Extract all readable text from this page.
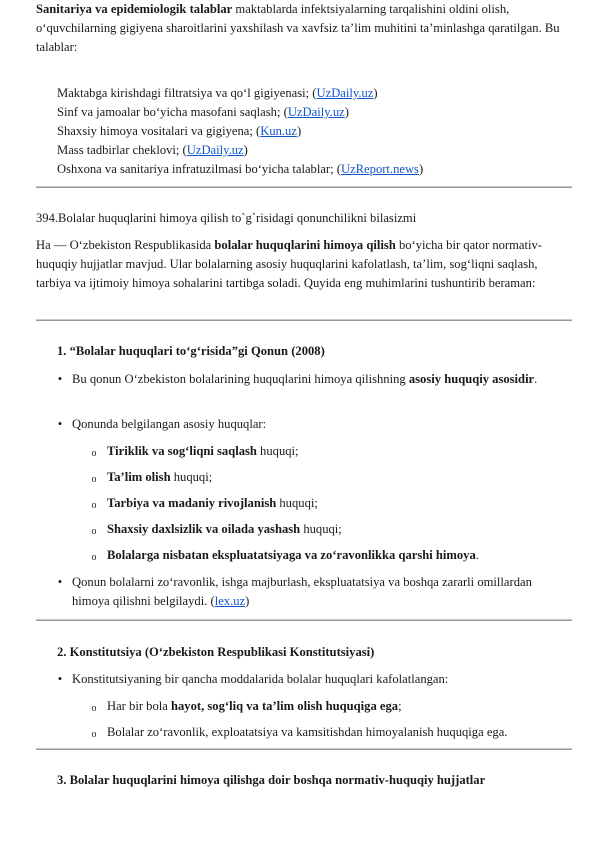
Sanitariya va epidemiologik talablar maktablarda infektsiyalarning tarqalishini oldini olish, o‘quvchilarning gigiyena sharoitlarini yaxshilash va xavfsiz ta’lim muhitini ta’minlashga qaratilgan. Bu talablar:

Maktabga kirishdagi filtratsiya va qo‘l gigiyenasi; (UzDaily.uz)
Sinf va jamoalar bo‘yicha masofani saqlash; (UzDaily.uz)
Shaxsiy himoya vositalari va gigiyena; (Kun.uz)
Mass tadbirlar cheklovi; (UzDaily.uz)
Oshxona va sanitariya infratuzilmasi bo‘yicha talablar; (UzReport.news)

394.Bolalar huquqlarini himoya qilish to`g`risidagi qonunchilikni bilasizmi

Ha — O‘zbekiston Respublikasida bolalar huquqlarini himoya qilish bo‘yicha bir qator normativ-huquqiy hujjatlar mavjud. Ular bolalarning asosiy huquqlarini kafolatlash, ta’lim, sog‘liqni saqlash, tarbiya va ijtimoiy himoya sohalarini tartibga soladi. Quyida eng muhimlarini tushuntirib beraman:

1. “Bolalar huquqlari to‘g‘risida”gi Qonun (2008)
•

Bu qonun O‘zbekiston bolalarining huquqlarini himoya qilishning asosiy huquqiy asosidir.

•

Qonunda belgilangan asosiy huquqlar:

o

Tiriklik va sog‘liqni saqlash huquqi;

o

Ta’lim olish huquqi;

o

Tarbiya va madaniy rivojlanish huquqi;

o

Shaxsiy daxlsizlik va oilada yashash huquqi;

o

Bolalarga nisbatan ekspluatatsiyaga va zo‘ravonlikka qarshi himoya.

•

Qonun bolalarni zo‘ravonlik, ishga majburlash, ekspluatatsiya va boshqa zararli omillardan himoya qilishni belgilaydi. (lex.uz)

2. Konstitutsiya (O‘zbekiston Respublikasi Konstitutsiyasi)
•

Konstitutsiyaning bir qancha moddalarida bolalar huquqlari kafolatlangan:

o

Har bir bola hayot, sog‘liq va ta’lim olish huquqiga ega;

o

Bolalar zo‘ravonlik, exploatatsiya va kamsitishdan himoyalanish huquqiga ega.

3. Bolalar huquqlarini himoya qilishga doir boshqa normativ-huquqiy hujjatlar
